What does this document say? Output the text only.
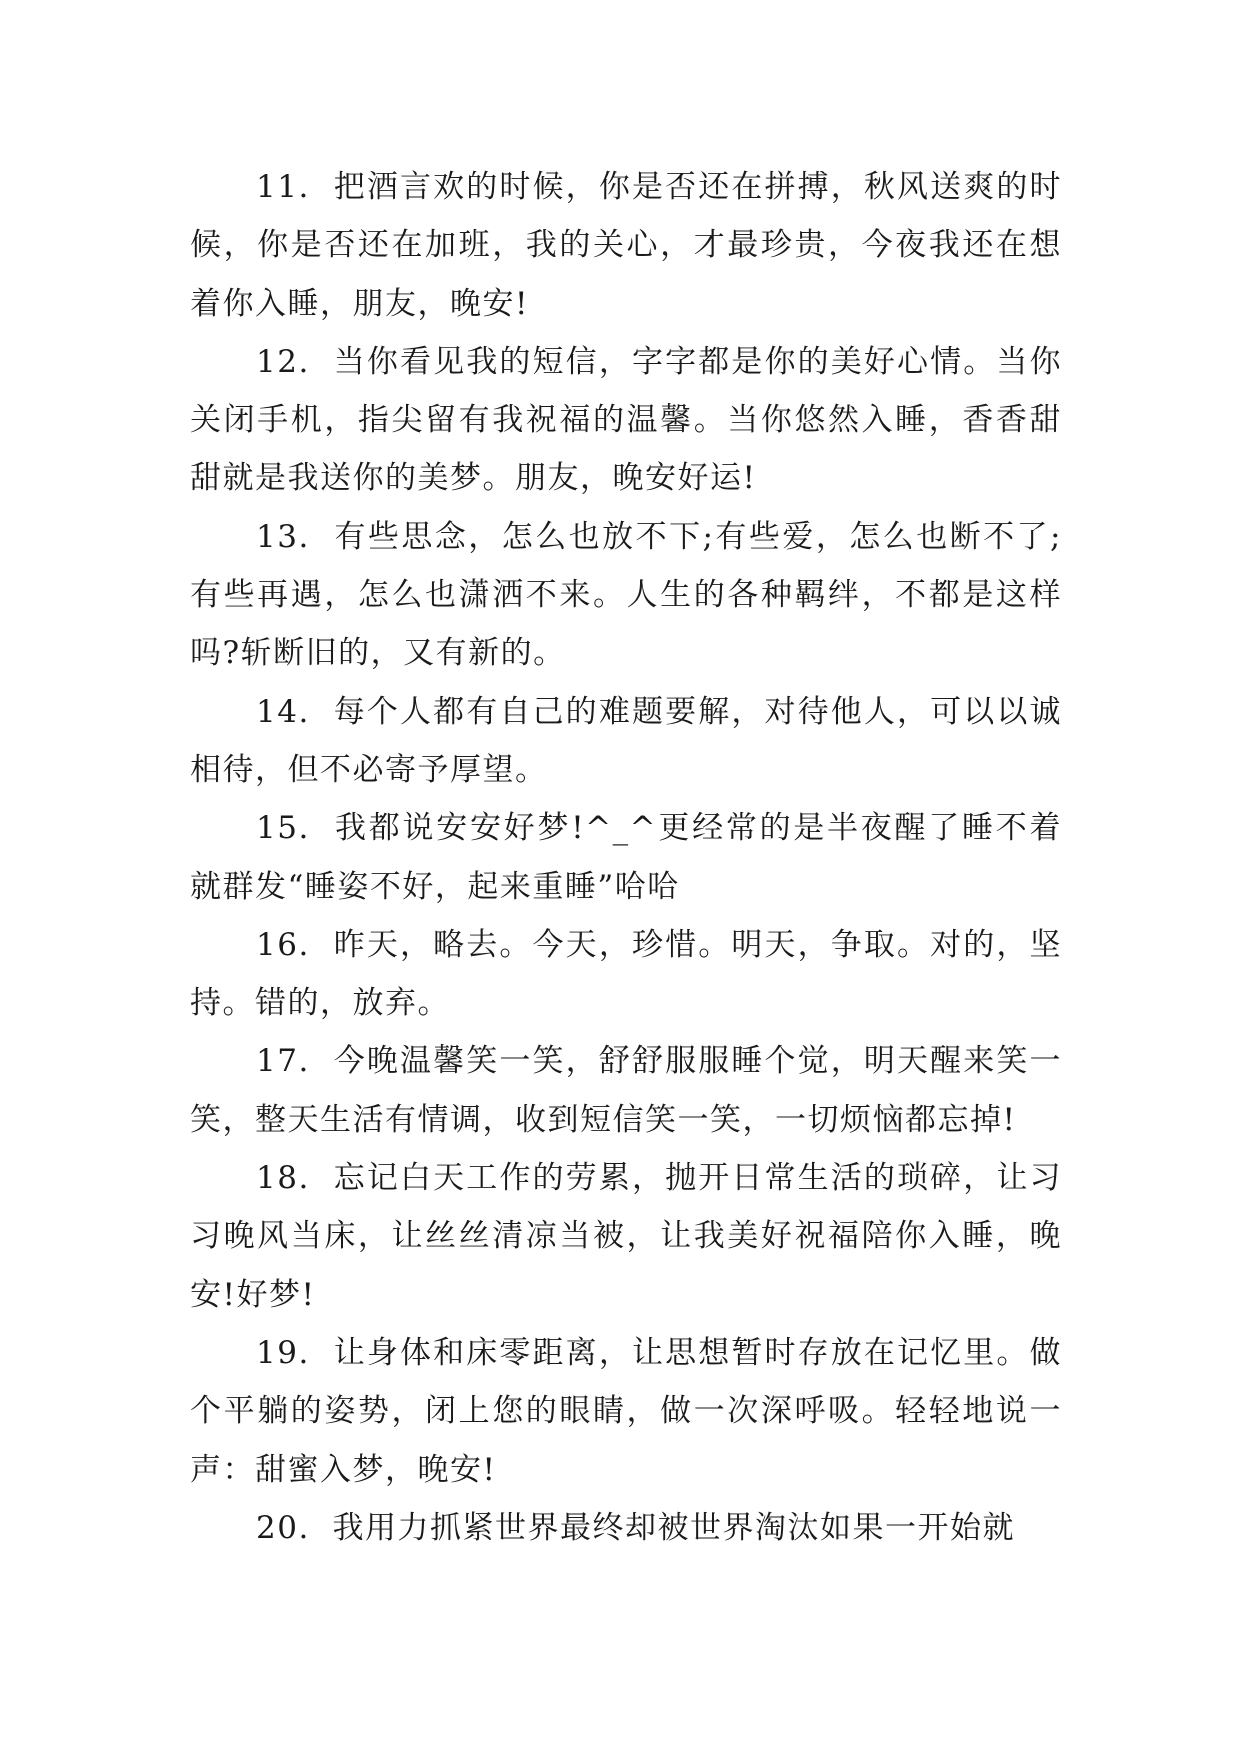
11. 把酒言欢的时候，你是否还在拼搏，秋风送爽的时候，你是否还在加班，我的关心，才最珍贵，今夜我还在想着你入睡，朋友，晚安!

12. 当你看见我的短信，字字都是你的美好心情。当你关闭手机，指尖留有我祝福的温馨。当你悠然入睡，香香甜甜就是我送你的美梦。朋友，晚安好运!

13. 有些思念，怎么也放不下;有些爱，怎么也断不了;有些再遇，怎么也潇洒不来。人生的各种羁绊，不都是这样吗?斩断旧的，又有新的。

14. 每个人都有自己的难题要解，对待他人，可以以诚相待，但不必寄予厚望。

15. 我都说安安好梦!^_^更经常的是半夜醒了睡不着就群发“睡姿不好，起来重睡”哈哈

16. 昨天，略去。今天，珍惜。明天，争取。对的，坚持。错的，放弃。

17. 今晚温馨笑一笑，舒舒服服睡个觉，明天醒来笑一笑，整天生活有情调，收到短信笑一笑，一切烦恼都忘掉!

18. 忘记白天工作的劳累，抛开日常生活的琐碎，让习习晚风当床，让丝丝清凉当被，让我美好祝福陪你入睡，晚安!好梦!

19. 让身体和床零距离，让思想暂时存放在记忆里。做个平躺的姿势，闭上您的眼睛，做一次深呼吸。轻轻地说一声：甜蜜入梦，晚安!

20. 我用力抓紧世界最终却被世界淘汰如果一开始就
